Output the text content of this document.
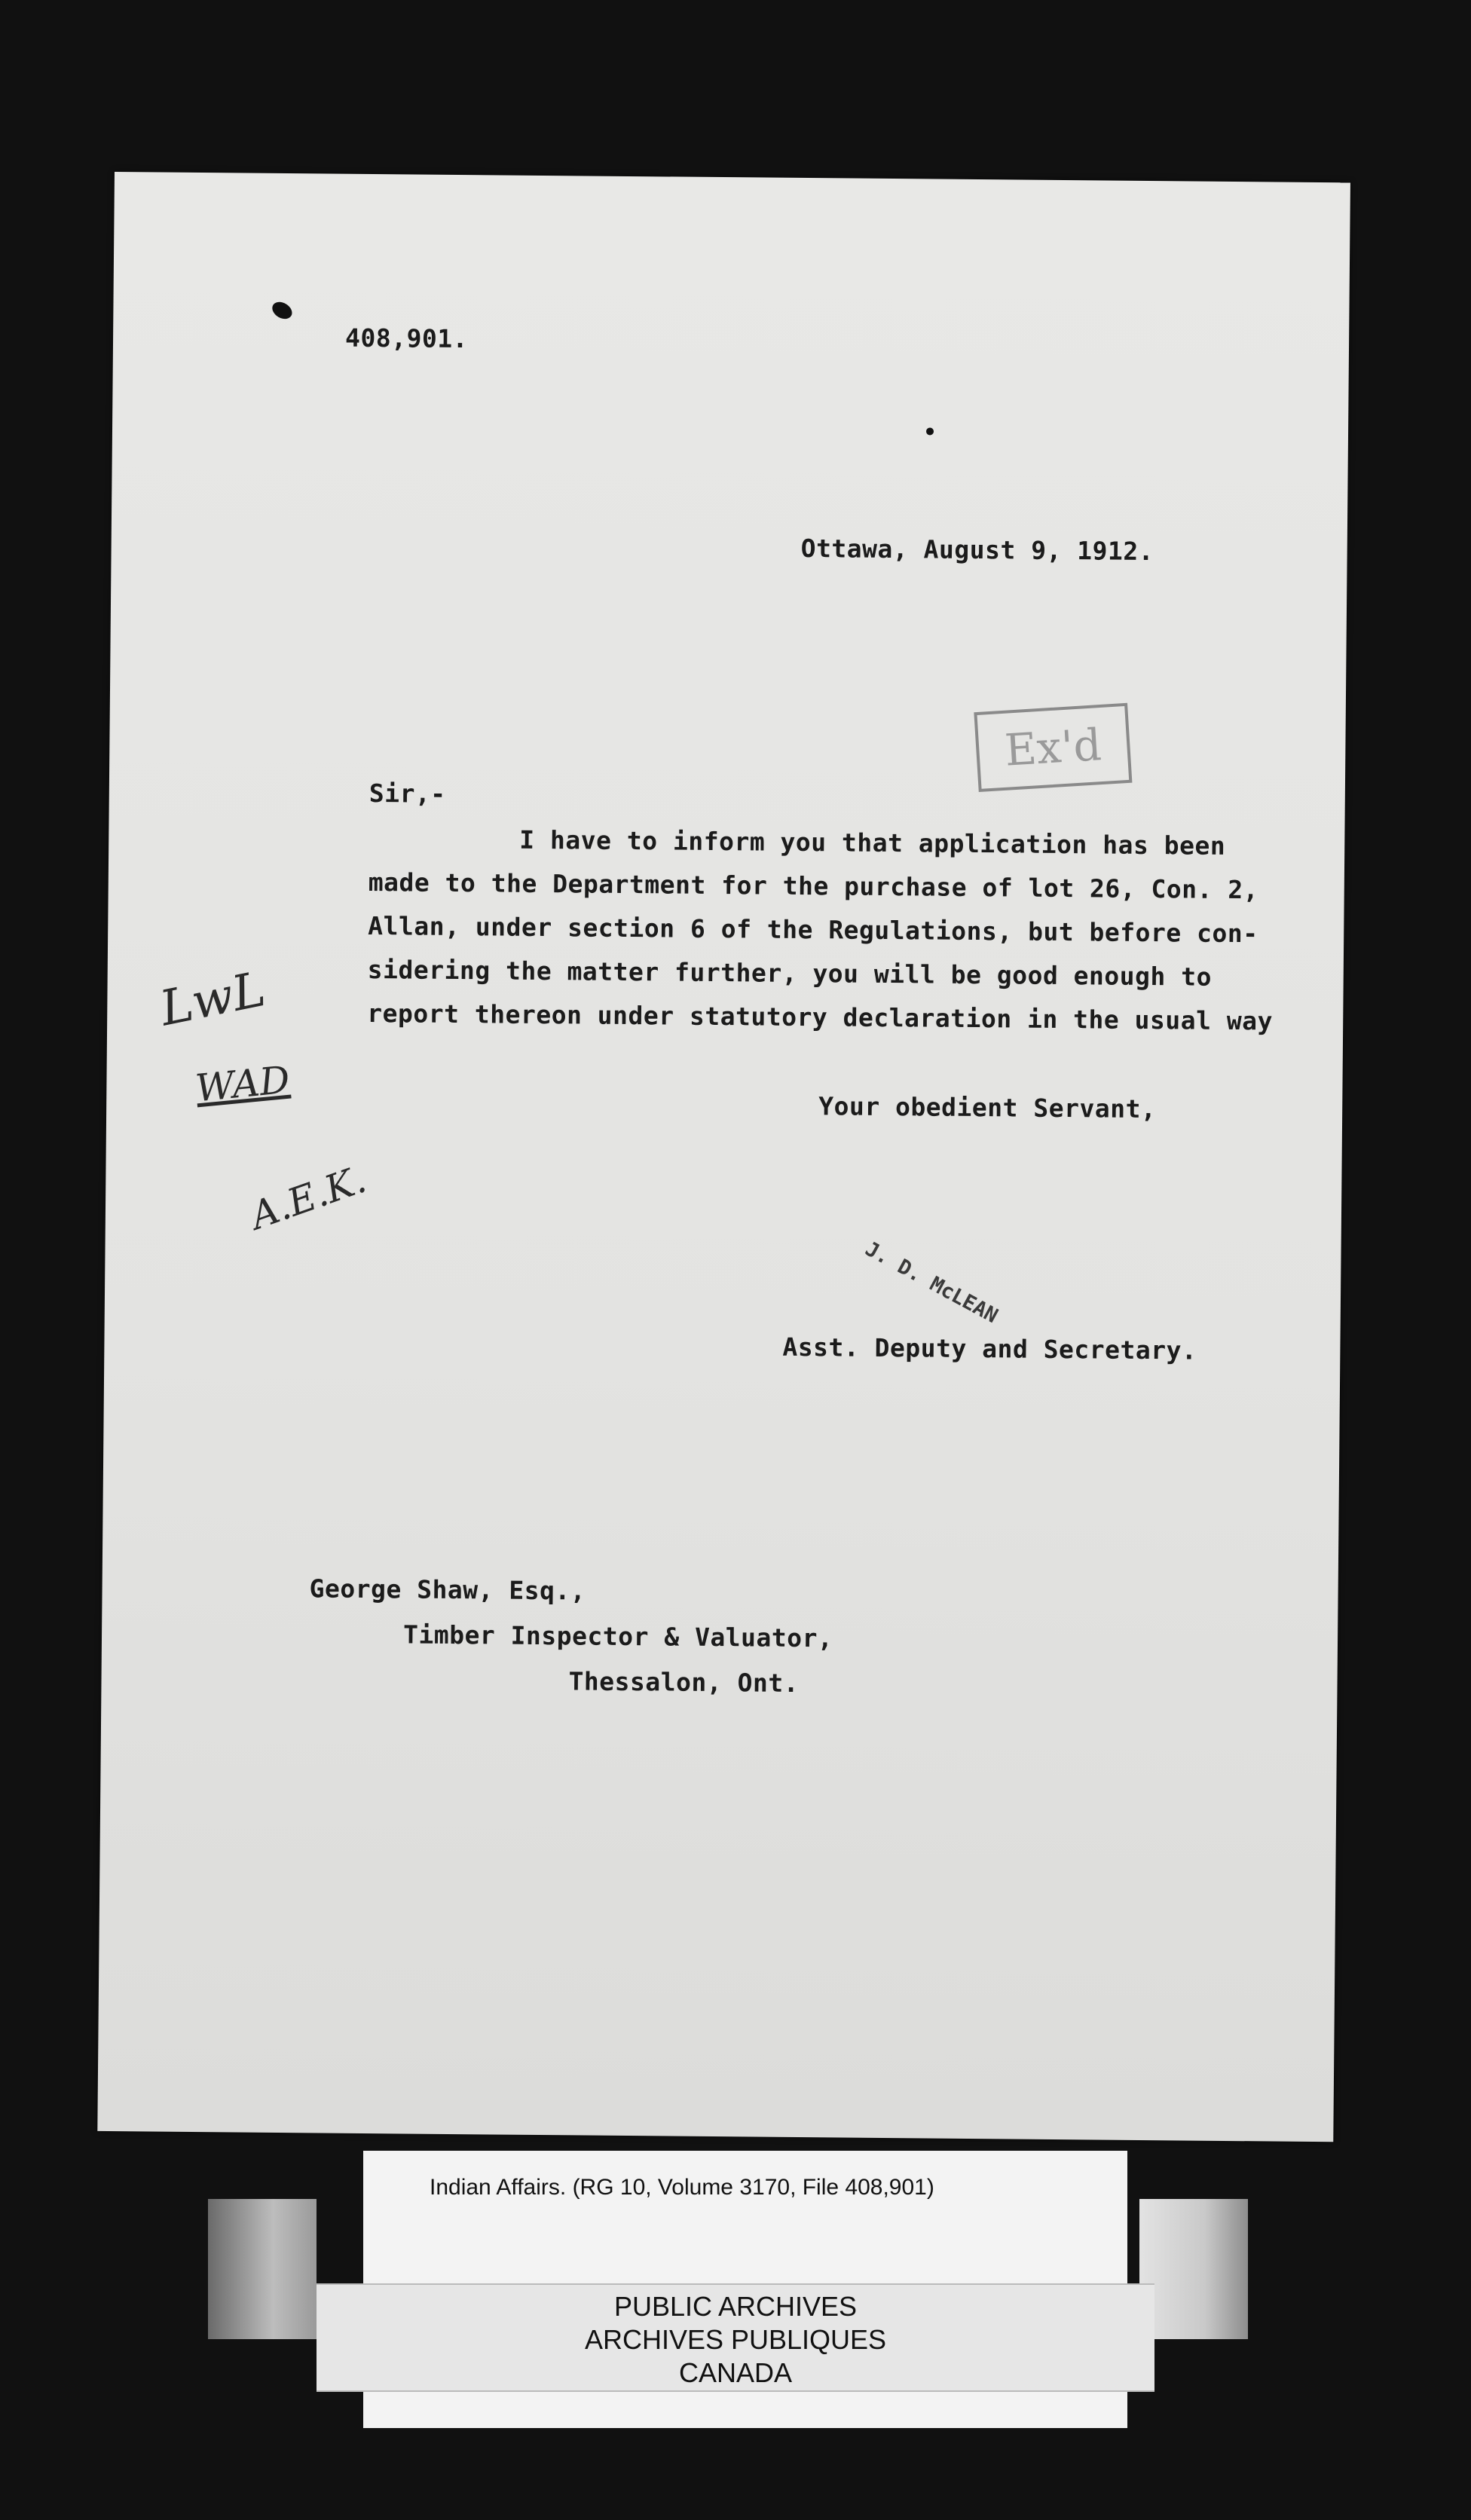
408,901.
Ottawa, August 9, 1912.
Ex'd
Sir,-
I have to inform you that application has been
made to the Department for the purchase of lot 26, Con. 2,
Allan, under section 6 of the Regulations, but before con-
sidering the matter further, you will be good enough to
report thereon under statutory declaration in the usual way
LwL
WAD
A.E.K.
Your obedient Servant,
J. D. McLEAN
Asst. Deputy and Secretary.
George Shaw, Esq.,
Timber Inspector & Valuator,
Thessalon, Ont.
Indian Affairs. (RG 10, Volume 3170, File 408,901)
PUBLIC ARCHIVES
ARCHIVES PUBLIQUES
CANADA
